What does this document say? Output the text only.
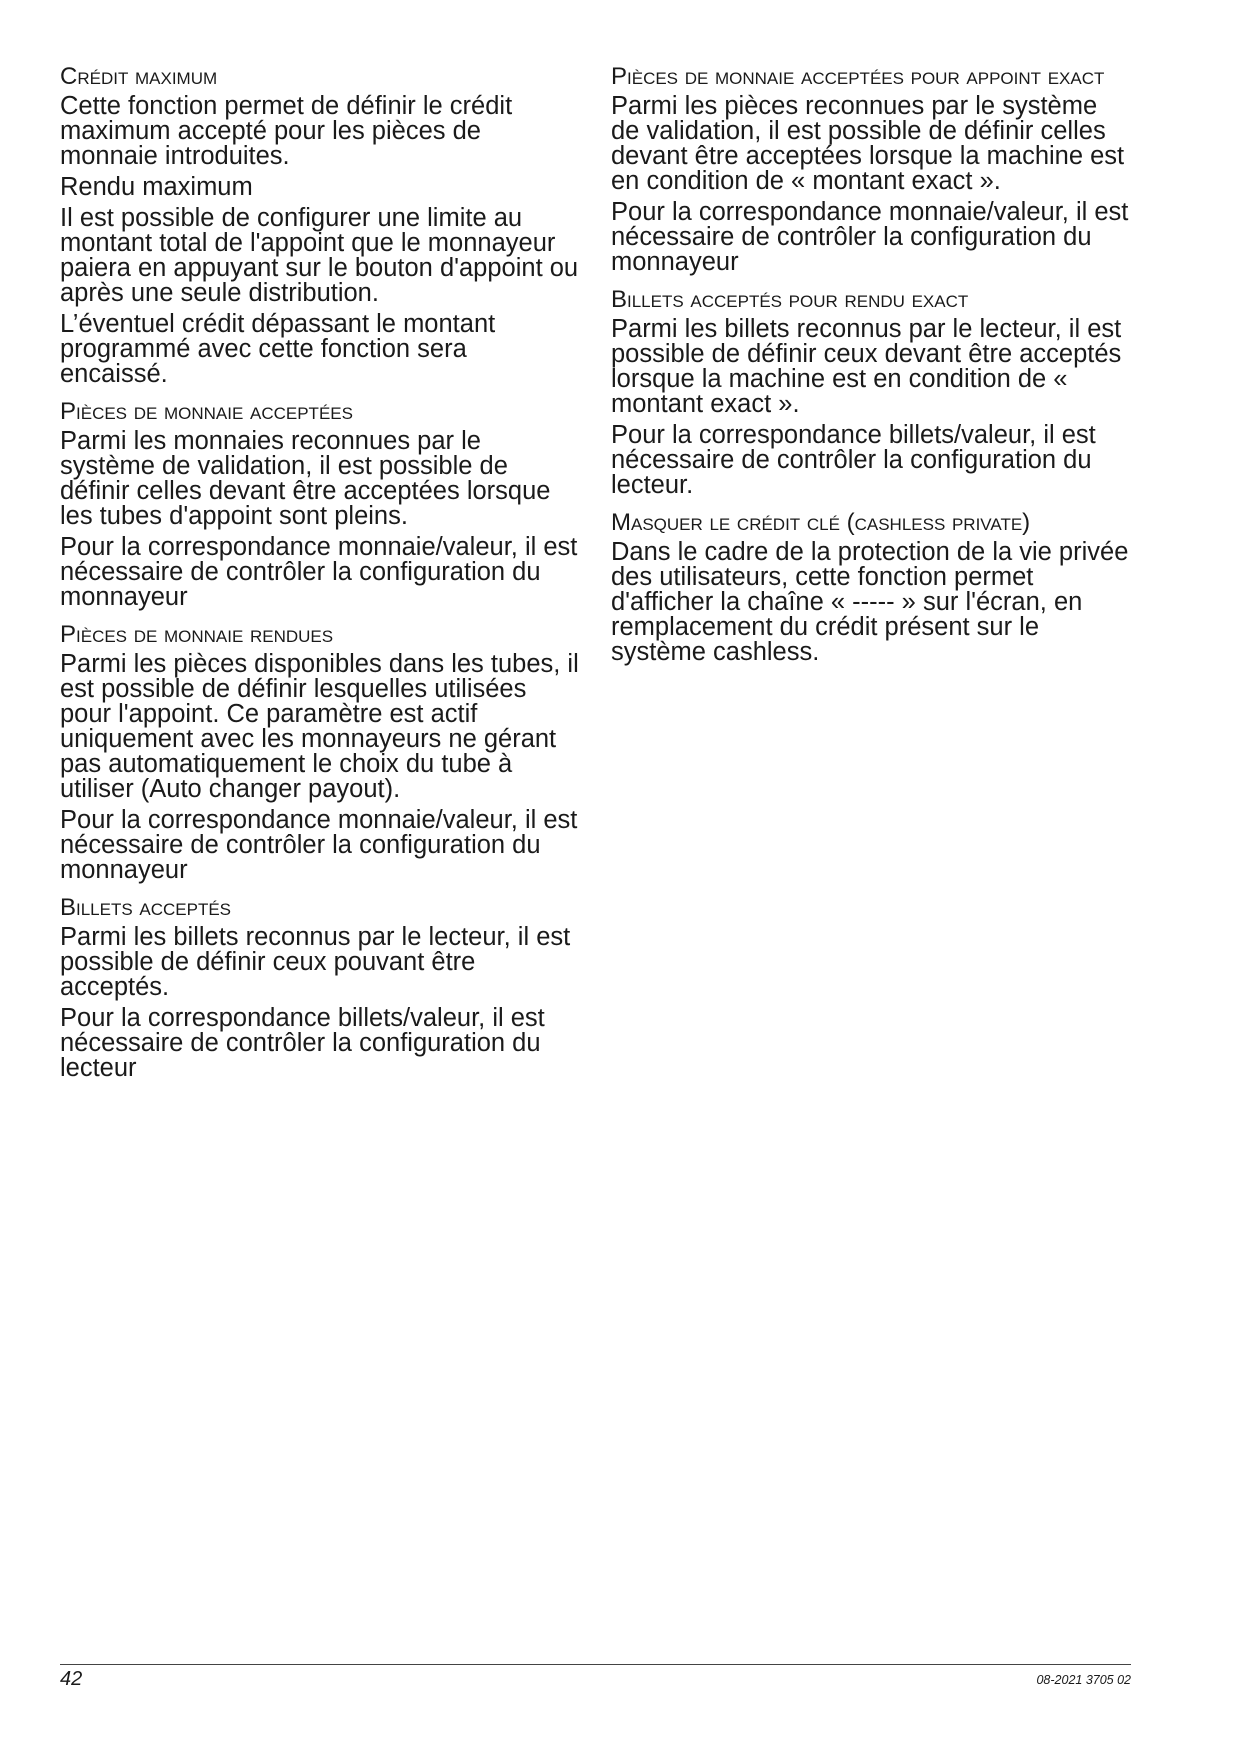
Crédit maximum

Cette fonction permet de définir le crédit maximum accepté pour les pièces de monnaie introduites.

Rendu maximum

Il est possible de configurer une limite au montant total de l'appoint que le monnayeur paiera en appuyant sur le bouton d'appoint ou après une seule distribution.

L’éventuel crédit dépassant le montant programmé avec cette fonction sera encaissé.

Pièces de monnaie acceptées

Parmi les monnaies reconnues par le système de validation, il est possible de définir celles devant être acceptées lorsque les tubes d'appoint sont pleins.

Pour la correspondance monnaie/valeur, il est nécessaire de contrôler la configuration du monnayeur

Pièces de monnaie rendues

Parmi les pièces disponibles dans les tubes, il est possible de définir lesquelles utilisées pour l'appoint. Ce paramètre est actif uniquement avec les monnayeurs ne gérant pas automatiquement le choix du tube à utiliser (Auto changer payout).

Pour la correspondance monnaie/valeur, il est nécessaire de contrôler la configuration du monnayeur

Billets acceptés

Parmi les billets reconnus par le lecteur, il est possible de définir ceux pouvant être acceptés.

Pour la correspondance billets/valeur, il est nécessaire de contrôler la configuration du lecteur

Pièces de monnaie acceptées pour appoint exact

Parmi les pièces reconnues par le système de validation, il est possible de définir celles devant être acceptées lorsque la machine est en condition de « montant exact ».

Pour la correspondance monnaie/valeur, il est nécessaire de contrôler la configuration du monnayeur

Billets acceptés pour rendu exact

Parmi les billets reconnus par le lecteur, il est possible de définir ceux devant être acceptés lorsque la machine est en condition de « montant exact ».

Pour la correspondance billets/valeur, il est nécessaire de contrôler la configuration du lecteur.

Masquer le crédit clé (cashless private)

Dans le cadre de la protection de la vie privée des utilisateurs, cette fonction permet d'afficher la chaîne « ----- » sur l'écran, en remplacement du crédit présent sur le système cashless.

42	08-2021 3705 02
